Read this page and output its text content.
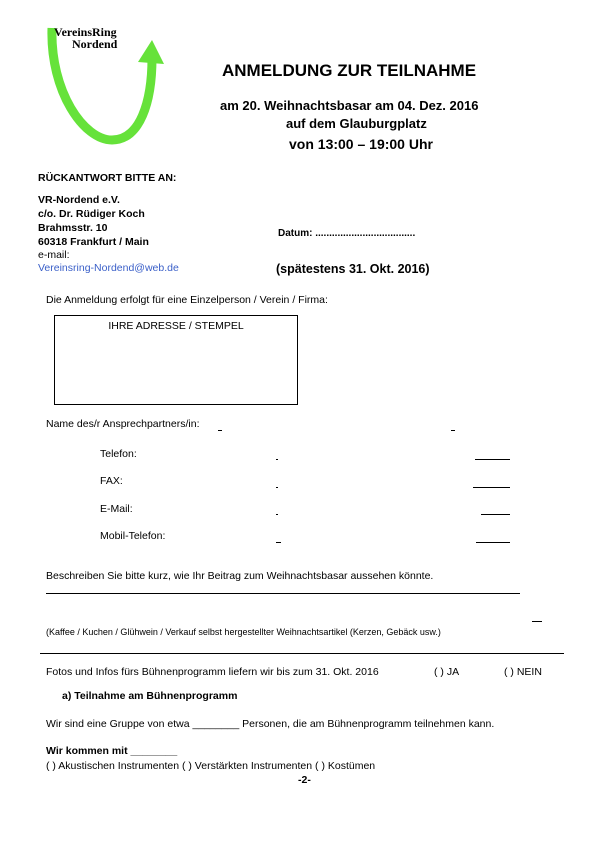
VereinsRing
Nordend
ANMELDUNG ZUR TEILNAHME
am 20. Weihnachtsbasar am 04. Dez. 2016
auf dem Glauburgplatz
von 13:00 – 19:00 Uhr
RÜCKANTWORT BITTE AN:
VR-Nordend e.V.
c/o. Dr. Rüdiger Koch
Brahmsstr. 10
60318 Frankfurt / Main
e-mail:
Vereinsring-Nordend@web.de
Datum: ....................................
(spätestens 31. Okt. 2016)
Die Anmeldung erfolgt für eine Einzelperson / Verein / Firma:
IHRE ADRESSE / STEMPEL
Name des/r Ansprechpartners/in:
Telefon:
FAX:
E-Mail:
Mobil-Telefon:
Beschreiben Sie bitte kurz, wie Ihr Beitrag zum Weihnachtsbasar aussehen könnte.
(Kaffee / Kuchen / Glühwein / Verkauf selbst hergestellter Weihnachtsartikel (Kerzen, Gebäck usw.)
Fotos und Infos fürs Bühnenprogramm liefern wir bis zum 31. Okt. 2016	( ) JA	( ) NEIN
a) Teilnahme am Bühnenprogramm
Wir sind eine Gruppe von etwa ________ Personen, die am Bühnenprogramm teilnehmen kann.
Wir kommen mit ________
( ) Akustischen Instrumenten ( ) Verstärkten Instrumenten ( ) Kostümen
-2-
